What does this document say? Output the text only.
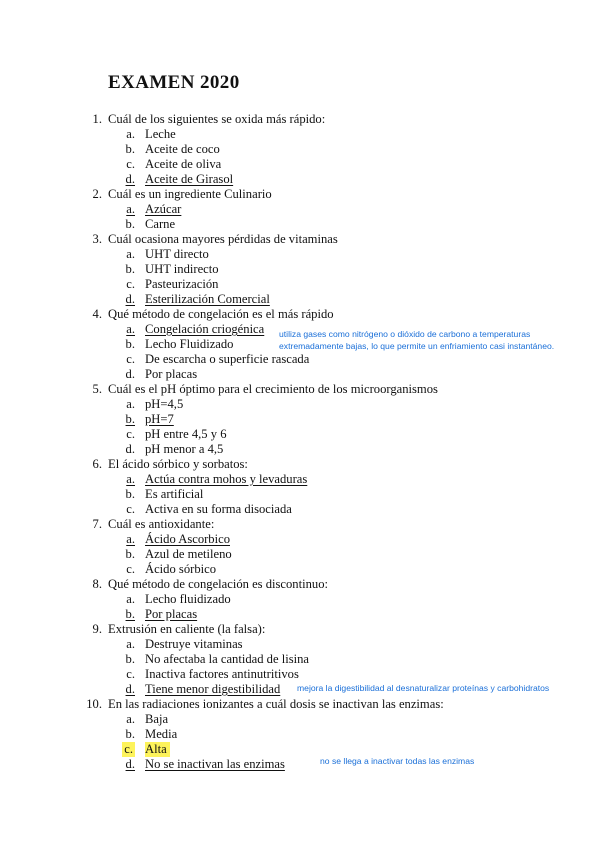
EXAMEN 2020
1. Cuál de los siguientes se oxida más rápido:
a. Leche
b. Aceite de coco
c. Aceite de oliva
d. Aceite de Girasol
2. Cuál es un ingrediente Culinario
a. Azúcar
b. Carne
3. Cuál ocasiona mayores pérdidas de vitaminas
a. UHT directo
b. UHT indirecto
c. Pasteurización
d. Esterilización Comercial
4. Qué método de congelación es el más rápido
a. Congelación criogénica
b. Lecho Fluidizado
c. De escarcha o superficie rascada
d. Por placas
utiliza gases como nitrógeno o dióxido de carbono a temperaturas
extremadamente bajas, lo que permite un enfriamiento casi instantáneo.
5. Cuál es el pH óptimo para el crecimiento de los microorganismos
a. pH=4,5
b. pH=7
c. pH entre 4,5 y 6
d. pH menor a 4,5
6. El ácido sórbico y sorbatos:
a. Actúa contra mohos y levaduras
b. Es artificial
c. Activa en su forma disociada
7. Cuál es antioxidante:
a. Ácido Ascorbico
b. Azul de metileno
c. Ácido sórbico
8. Qué método de congelación es discontinuo:
a. Lecho fluidizado
b. Por placas
9. Extrusión en caliente (la falsa):
a. Destruye vitaminas
b. No afectaba la cantidad de lisina
c. Inactiva factores antinutritivos
d. Tiene menor digestibilidad mejora la digestibilidad al desnaturalizar proteínas y carbohidratos
10. En las radiaciones ionizantes a cuál dosis se inactivan las enzimas:
a. Baja
b. Media
c. Alta
d. No se inactivan las enzimas	no se llega a inactivar todas las enzimas
